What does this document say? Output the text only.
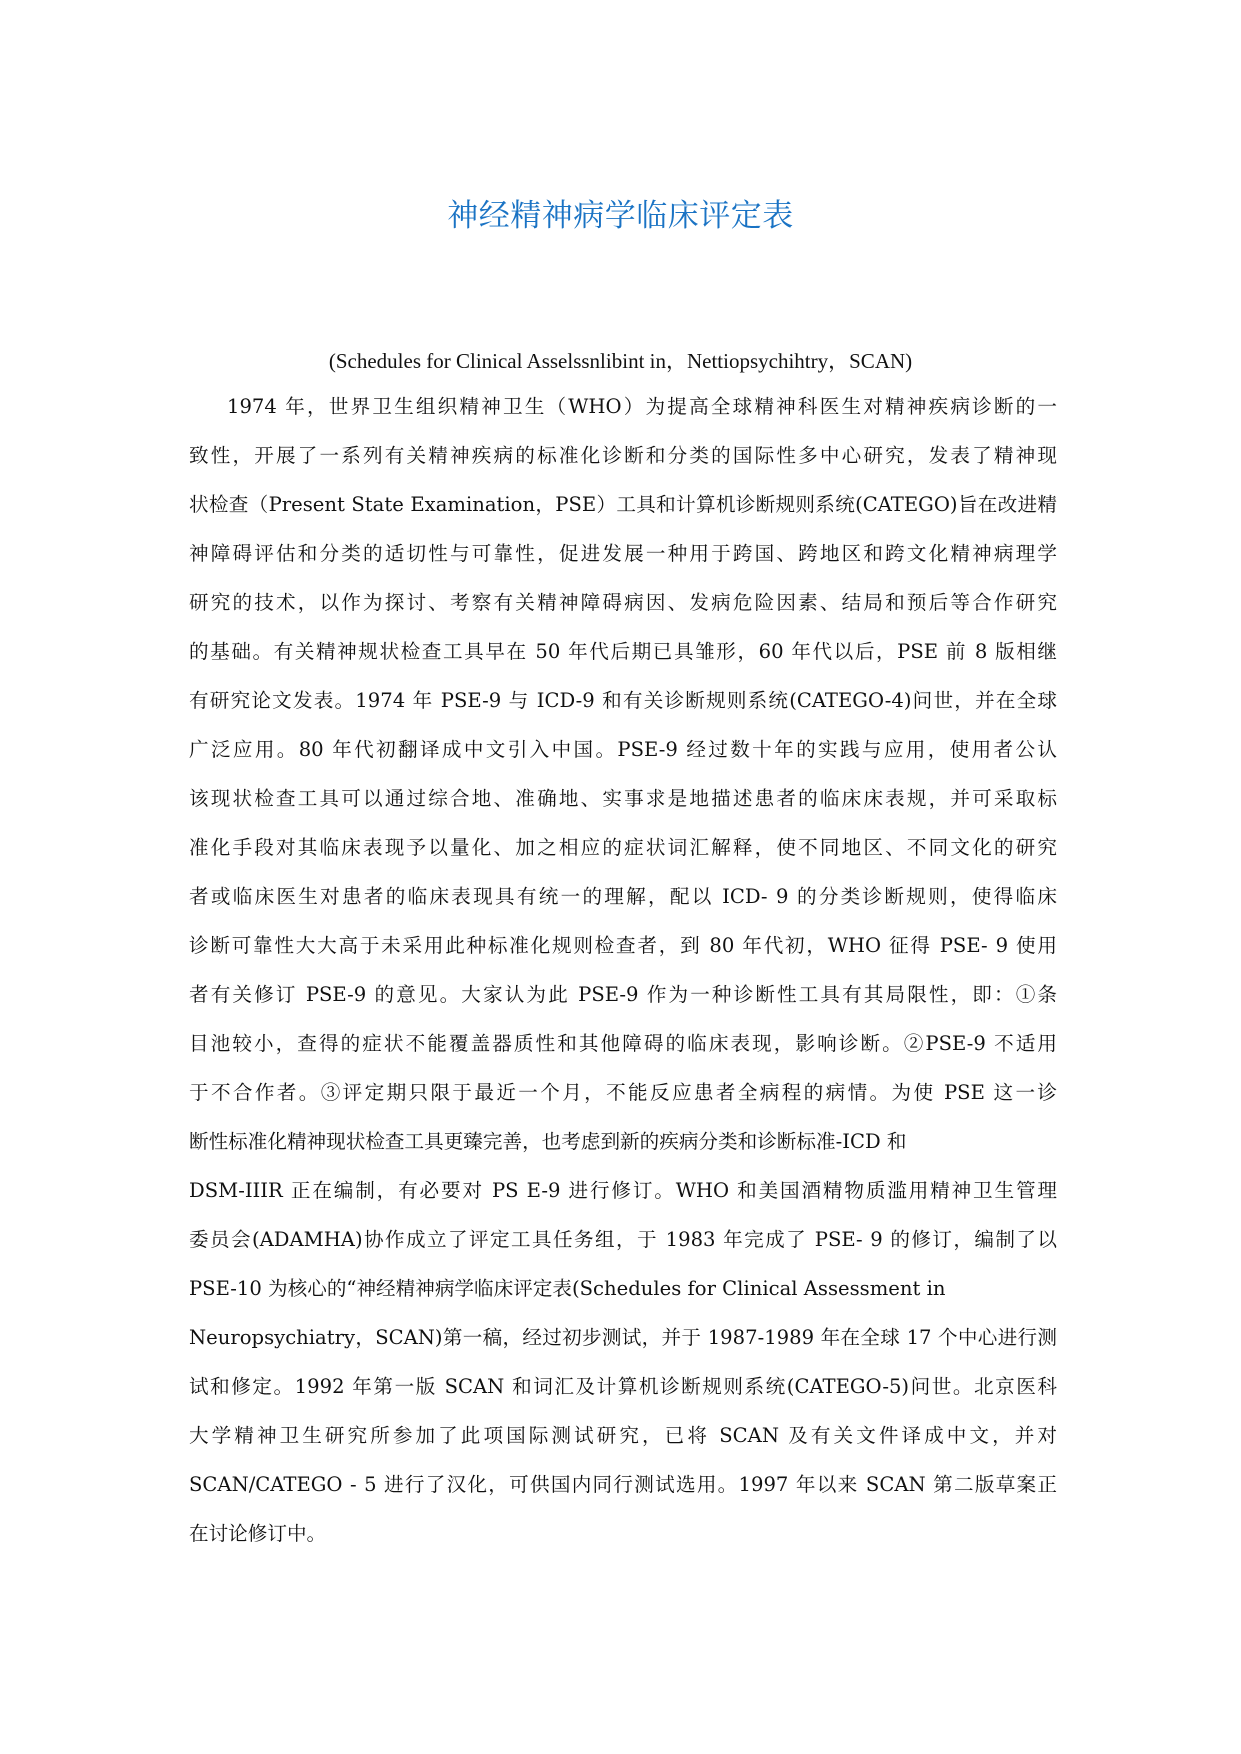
神经精神病学临床评定表
(Schedules for Clinical Asselssnlibint in，Nettiopsychihtry，SCAN)
1974 年，世界卫生组织精神卫生（WHO）为提高全球精神科医生对精神疾病诊断的一
致性，开展了一系列有关精神疾病的标准化诊断和分类的国际性多中心研究，发表了精神现
状检查（Present State Examination，PSE）工具和计算机诊断规则系统(CATEGO)旨在改进精
神障碍评估和分类的适切性与可靠性，促进发展一种用于跨国、跨地区和跨文化精神病理学
研究的技术，以作为探讨、考察有关精神障碍病因、发病危险因素、结局和预后等合作研究
的基础。有关精神规状检查工具早在 50 年代后期已具雏形，60 年代以后，PSE 前 8 版相继
有研究论文发表。1974 年 PSE-9 与 ICD-9 和有关诊断规则系统(CATEGO-4)问世，并在全球
广泛应用。80 年代初翻译成中文引入中国。PSE-9 经过数十年的实践与应用，使用者公认
该现状检查工具可以通过综合地、准确地、实事求是地描述患者的临床床表规，并可采取标
准化手段对其临床表现予以量化、加之相应的症状词汇解释，使不同地区、不同文化的研究
者或临床医生对患者的临床表现具有统一的理解，配以 ICD- 9 的分类诊断规则，使得临床
诊断可靠性大大高于未采用此种标准化规则检查者，到 80 年代初，WHO 征得 PSE- 9 使用
者有关修订 PSE-9 的意见。大家认为此 PSE-9 作为一种诊断性工具有其局限性，即：①条
目池较小，查得的症状不能覆盖器质性和其他障碍的临床表现，影响诊断。②PSE-9 不适用
于不合作者。③评定期只限于最近一个月，不能反应患者全病程的病情。为使 PSE 这一诊
断性标准化精神现状检查工具更臻完善，也考虑到新的疾病分类和诊断标准-ICD 和
DSM-IIIR 正在编制，有必要对 PS E-9 进行修订。WHO 和美国酒精物质滥用精神卫生管理
委员会(ADAMHA)协作成立了评定工具任务组，于 1983 年完成了 PSE- 9 的修订，编制了以
PSE-10 为核心的“神经精神病学临床评定表(Schedules for Clinical Assessment in
Neuropsychiatry，SCAN)第一稿，经过初步测试，并于 1987-1989 年在全球 17 个中心进行测
试和修定。1992 年第一版 SCAN 和词汇及计算机诊断规则系统(CATEGO-5)问世。北京医科
大学精神卫生研究所参加了此项国际测试研究，已将 SCAN 及有关文件译成中文，并对
SCAN/CATEGO - 5 进行了汉化，可供国内同行测试选用。1997 年以来 SCAN 第二版草案正
在讨论修订中。
